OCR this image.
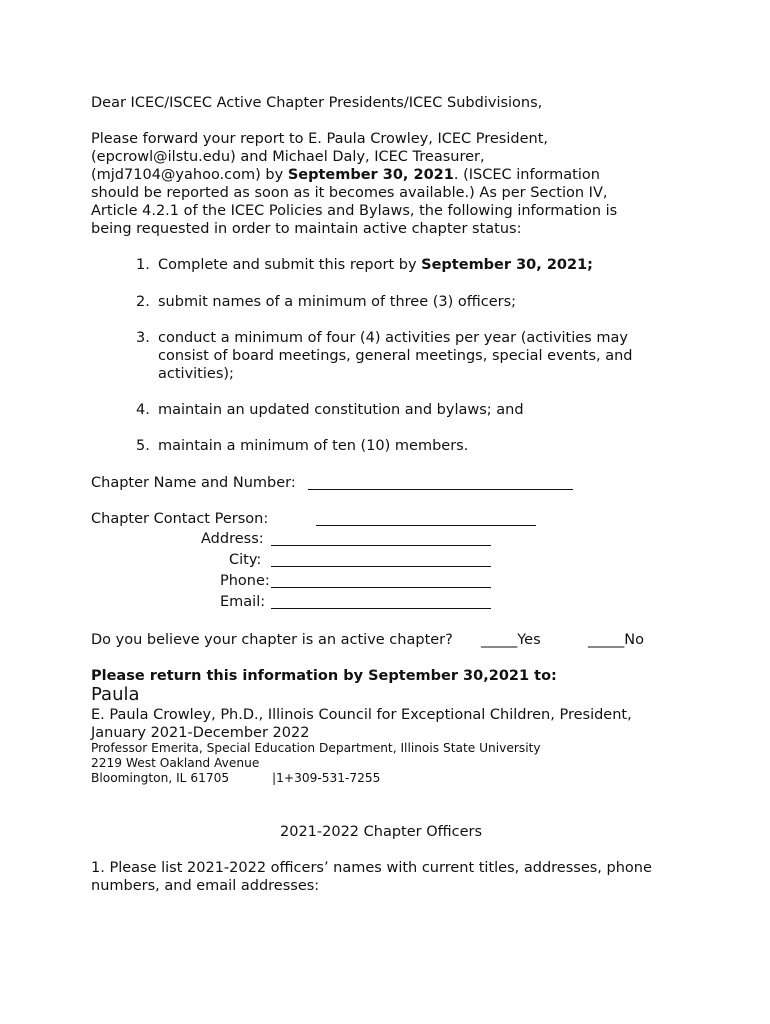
Dear ICEC/ISCEC Active Chapter Presidents/ICEC Subdivisions,
Please forward your report to E. Paula Crowley, ICEC President,
(epcrowl@ilstu.edu) and Michael Daly, ICEC Treasurer,
(mjd7104@yahoo.com) by September 30, 2021. (ISCEC information
should be reported as soon as it becomes available.) As per Section IV,
Article 4.2.1 of the ICEC Policies and Bylaws, the following information is
being requested in order to maintain active chapter status:
1. Complete and submit this report by September 30, 2021;
2. submit names of a minimum of three (3) officers;
3. conduct a minimum of four (4) activities per year (activities may
consist of board meetings, general meetings, special events, and
activities);
4. maintain an updated constitution and bylaws; and
5. maintain a minimum of ten (10) members.
Chapter Name and Number:
Chapter Contact Person:
Address:
City:
Phone:
Email:
Do you believe your chapter is an active chapter? _____Yes	_____No
Please return this information by September 30,2021 to:
Paula
E. Paula Crowley, Ph.D., Illinois Council for Exceptional Children, President,
January 2021-December 2022
Professor Emerita, Special Education Department, Illinois State University
2219 West Oakland Avenue
Bloomington, IL 61705	|1+309-531-7255
2021-2022 Chapter Officers
1. Please list 2021-2022 officers’ names with current titles, addresses, phone
numbers, and email addresses:
